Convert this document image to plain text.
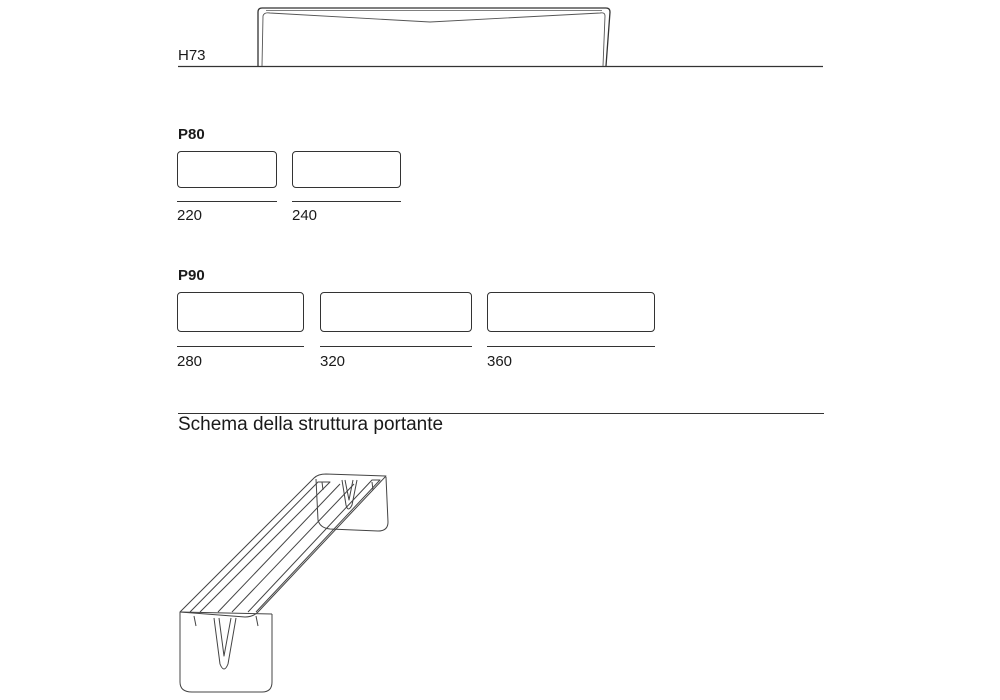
H73
P80
220	240
P90
280	320	360
Schema della struttura portante
